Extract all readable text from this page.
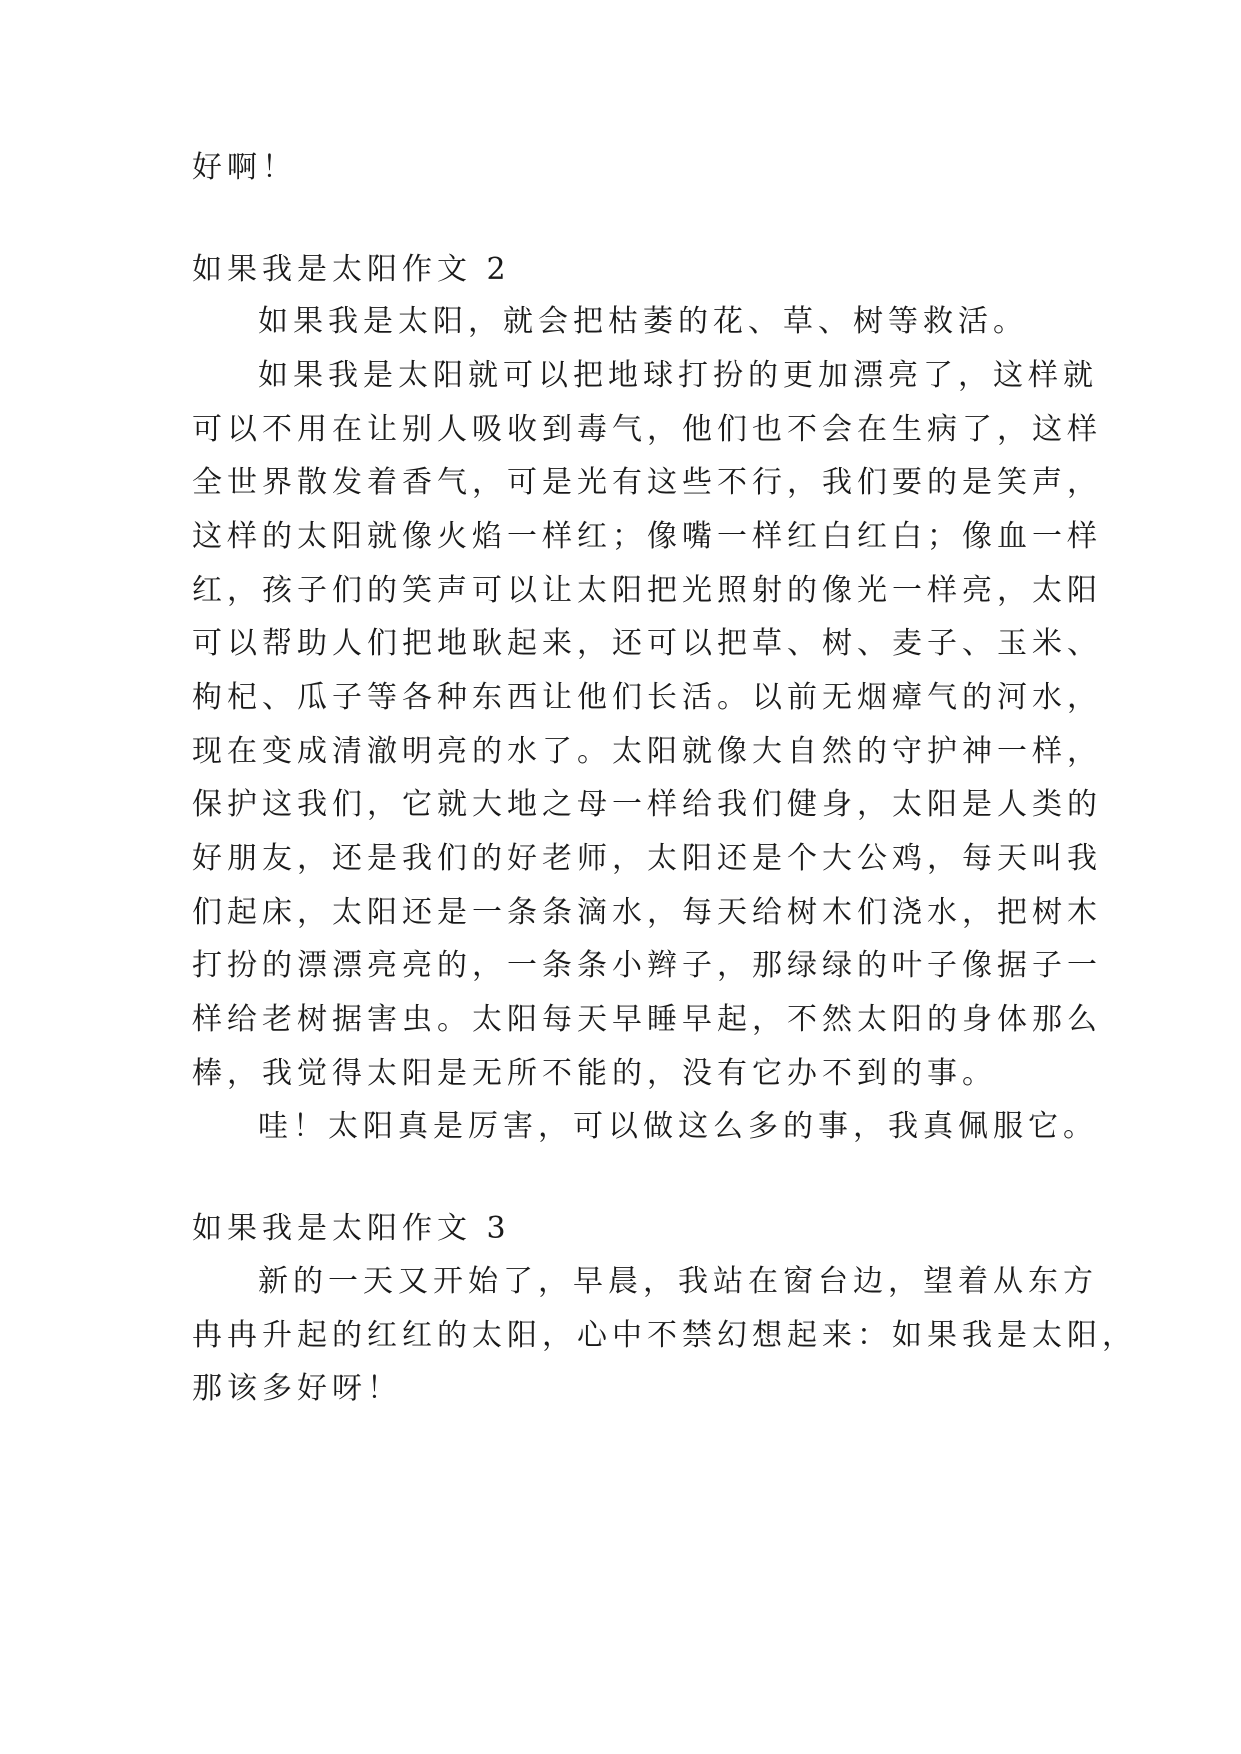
好啊！

如果我是太阳作文 2

如果我是太阳，就会把枯萎的花、草、树等救活。

如果我是太阳就可以把地球打扮的更加漂亮了，这样就

可以不用在让别人吸收到毒气，他们也不会在生病了，这样

全世界散发着香气，可是光有这些不行，我们要的是笑声，

这样的太阳就像火焰一样红；像嘴一样红白红白；像血一样

红，孩子们的笑声可以让太阳把光照射的像光一样亮，太阳

可以帮助人们把地耿起来，还可以把草、树、麦子、玉米、

枸杞、瓜子等各种东西让他们长活。以前无烟瘴气的河水，

现在变成清澈明亮的水了。太阳就像大自然的守护神一样，

保护这我们，它就大地之母一样给我们健身，太阳是人类的

好朋友，还是我们的好老师，太阳还是个大公鸡，每天叫我

们起床，太阳还是一条条滴水，每天给树木们浇水，把树木

打扮的漂漂亮亮的，一条条小辫子，那绿绿的叶子像据子一

样给老树据害虫。太阳每天早睡早起，不然太阳的身体那么

棒，我觉得太阳是无所不能的，没有它办不到的事。

哇！太阳真是厉害，可以做这么多的事，我真佩服它。

如果我是太阳作文 3

新的一天又开始了，早晨，我站在窗台边，望着从东方

冉冉升起的红红的太阳，心中不禁幻想起来：如果我是太阳，

那该多好呀！
